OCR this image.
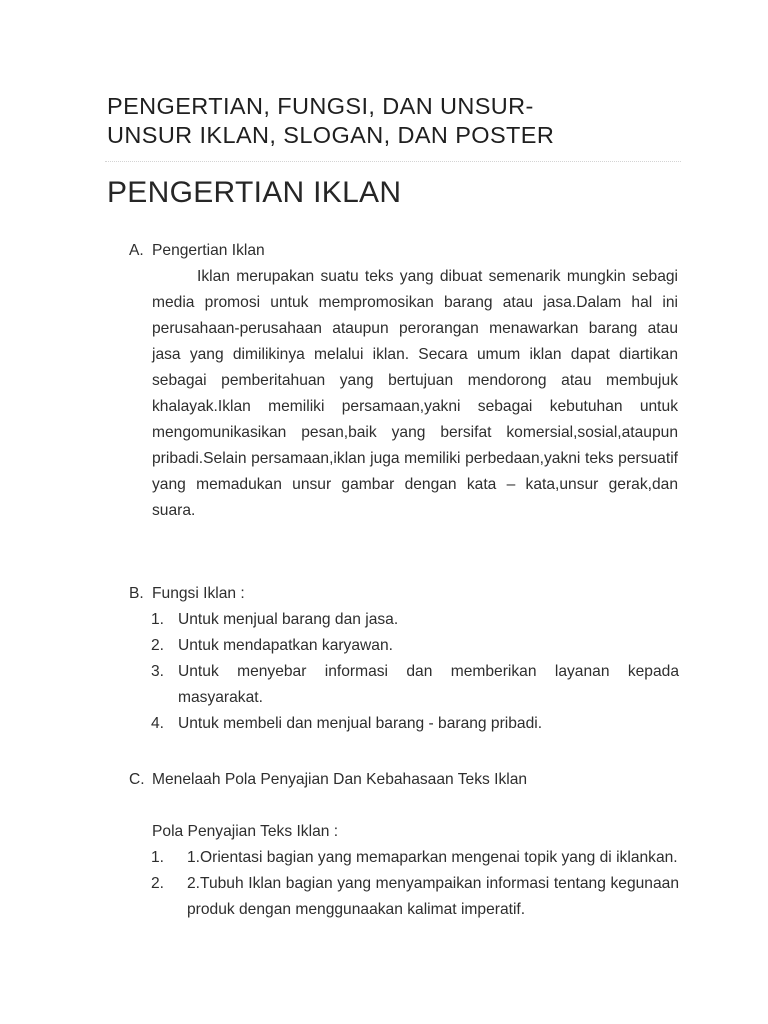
PENGERTIAN, FUNGSI, DAN UNSUR-
UNSUR IKLAN, SLOGAN, DAN POSTER
PENGERTIAN IKLAN
A. Pengertian Iklan

Iklan merupakan suatu teks yang dibuat semenarik mungkin sebagi media promosi untuk mempromosikan barang atau jasa.Dalam hal ini perusahaan-perusahaan ataupun perorangan menawarkan barang atau jasa yang dimilikinya melalui iklan. Secara umum iklan dapat diartikan sebagai pemberitahuan yang bertujuan mendorong atau membujuk khalayak.Iklan memiliki persamaan,yakni sebagai kebutuhan untuk mengomunikasikan pesan,baik yang bersifat komersial,sosial,ataupun pribadi.Selain persamaan,iklan juga memiliki perbedaan,yakni teks persuatif yang memadukan unsur gambar dengan kata – kata,unsur gerak,dan suara.

B. Fungsi Iklan :
1. Untuk menjual barang dan jasa.
2. Untuk mendapatkan karyawan.
3. Untuk menyebar informasi dan memberikan layanan kepada masyarakat.
4. Untuk membeli dan menjual barang - barang pribadi.
C. Menelaah Pola Penyajian Dan Kebahasaan Teks Iklan
Pola Penyajian Teks Iklan :
1.	1.Orientasi bagian yang memaparkan mengenai topik yang di iklankan.
2.	2.Tubuh Iklan bagian yang menyampaikan informasi tentang kegunaan produk dengan menggunaakan kalimat imperatif.
